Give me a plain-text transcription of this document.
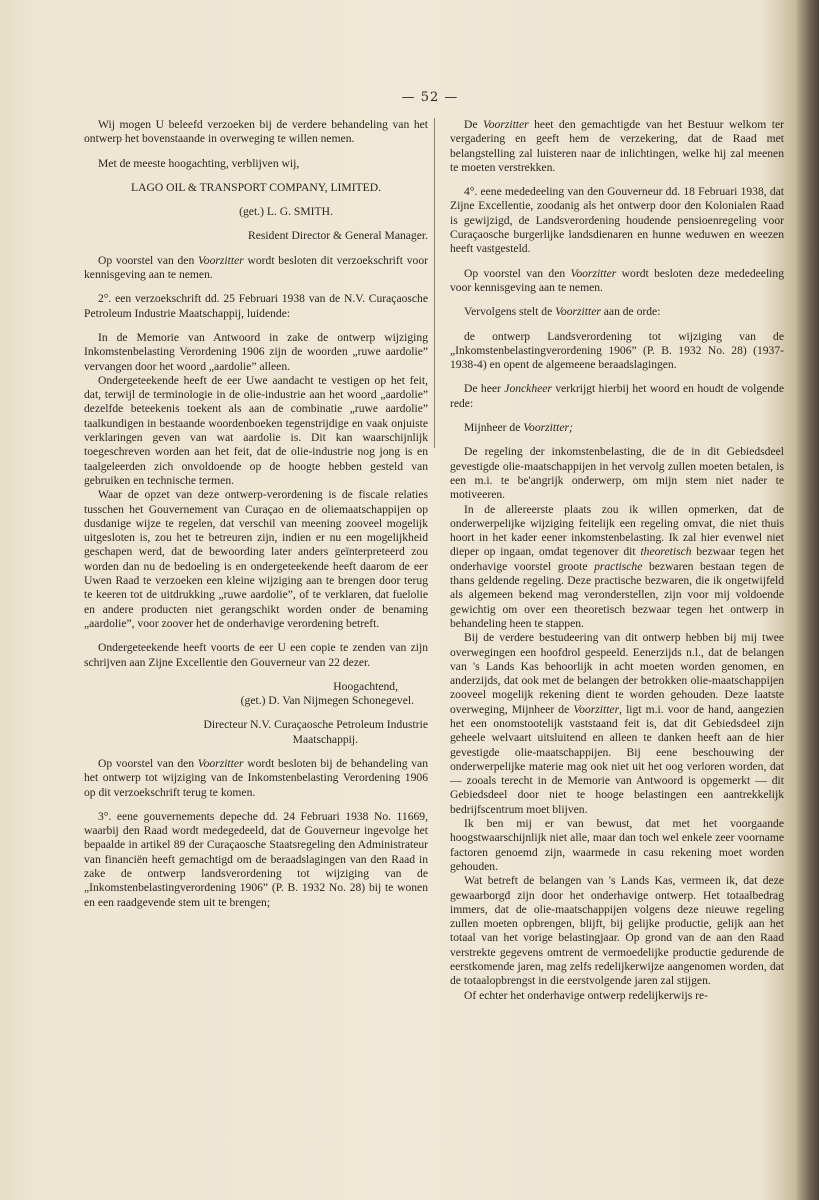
— 52 —

Wij mogen U beleefd verzoeken bij de verdere behandeling van het ontwerp het bovenstaande in overweging te willen nemen.

Met de meeste hoogachting, verblijven wij,

LAGO OIL & TRANSPORT COMPANY, LIMITED.

(get.) L. G. SMITH.

Resident Director & General Manager.

Op voorstel van den Voorzitter wordt besloten dit verzoekschrift voor kennisgeving aan te nemen.

2°. een verzoekschrift dd. 25 Februari 1938 van de N.V. Curaçaosche Petroleum Industrie Maatschappij, luidende:

In de Memorie van Antwoord in zake de ontwerp wijziging Inkomstenbelasting Verordening 1906 zijn de woorden „ruwe aardolie” vervangen door het woord „aardolie” alleen.

Ondergeteekende heeft de eer Uwe aandacht te vestigen op het feit, dat, terwijl de terminologie in de olie-industrie aan het woord „aardolie” dezelfde beteekenis toekent als aan de combinatie „ruwe aardolie” taalkundigen in bestaande woordenboeken tegenstrijdige en vaak onjuiste verklaringen geven van wat aardolie is. Dit kan waarschijnlijk toegeschreven worden aan het feit, dat de olie-industrie nog jong is en taalgeleerden zich onvoldoende op de hoogte hebben gesteld van gebruiken en technische termen.

Waar de opzet van deze ontwerp-verordening is de fiscale relaties tusschen het Gouvernement van Curaçao en de oliemaatschappijen op dusdanige wijze te regelen, dat verschil van meening zooveel mogelijk uitgesloten is, zou het te betreuren zijn, indien er nu een mogelijkheid geschapen werd, dat de bewoording later anders geïnterpreteerd zou worden dan nu de bedoeling is en ondergeteekende heeft daarom de eer Uwen Raad te verzoeken een kleine wijziging aan te brengen door terug te keeren tot de uitdrukking „ruwe aardolie”, of te verklaren, dat fuelolie en andere producten niet gerangschikt worden onder de benaming „aardolie”, voor zoover het de onderhavige verordening betreft.

Ondergeteekende heeft voorts de eer U een copie te zenden van zijn schrijven aan Zijne Excellentie den Gouverneur van 22 dezer.

Hoogachtend,

(get.) D. Van Nijmegen Schonegevel.

Directeur N.V. Curaçaosche Petroleum Industrie

Maatschappij.

Op voorstel van den Voorzitter wordt besloten bij de behandeling van het ontwerp tot wijziging van de Inkomstenbelasting Verordening 1906 op dit verzoekschrift terug te komen.

3°. eene gouvernements depeche dd. 24 Februari 1938 No. 11669, waarbij den Raad wordt medegedeeld, dat de Gouverneur ingevolge het bepaalde in artikel 89 der Curaçaosche Staatsregeling den Administrateur van financiën heeft gemachtigd om de beraadslagingen van den Raad in zake de ontwerp landsverordening tot wijziging van de „Inkomstenbelastingverordening 1906” (P. B. 1932 No. 28) bij te wonen en een raadgevende stem uit te brengen;

De Voorzitter heet den gemachtigde van het Bestuur welkom ter vergadering en geeft hem de verzekering, dat de Raad met belangstelling zal luisteren naar de inlichtingen, welke hij zal meenen te moeten verstrekken.

4°. eene mededeeling van den Gouverneur dd. 18 Februari 1938, dat Zijne Excellentie, zoodanig als het ontwerp door den Kolonialen Raad is gewijzigd, de Landsverordening houdende pensioenregeling voor Curaçaosche burgerlijke landsdienaren en hunne weduwen en weezen heeft vastgesteld.

Op voorstel van den Voorzitter wordt besloten deze mededeeling voor kennisgeving aan te nemen.

Vervolgens stelt de Voorzitter aan de orde:

de ontwerp Landsverordening tot wijziging van de „Inkomstenbelastingverordening 1906” (P. B. 1932 No. 28) (1937-1938-4) en opent de algemeene beraadslagingen.

De heer Jonckheer verkrijgt hierbij het woord en houdt de volgende rede:

Mijnheer de Voorzitter;

De regeling der inkomstenbelasting, die de in dit Gebiedsdeel gevestigde olie-maatschappijen in het vervolg zullen moeten betalen, is een m.i. te be'angrijk onderwerp, om mijn stem niet nader te motiveeren.

In de allereerste plaats zou ik willen opmerken, dat de onderwerpelijke wijziging feitelijk een regeling omvat, die niet thuis hoort in het kader eener inkomstenbelasting. Ik zal hier evenwel niet dieper op ingaan, omdat tegenover dit theoretisch bezwaar tegen het onderhavige voorstel groote practische bezwaren bestaan tegen de thans geldende regeling. Deze practische bezwaren, die ik ongetwijfeld als algemeen bekend mag veronderstellen, zijn voor mij voldoende gewichtig om over een theoretisch bezwaar tegen het ontwerp in behandeling heen te stappen.

Bij de verdere bestudeering van dit ontwerp hebben bij mij twee overwegingen een hoofdrol gespeeld. Eenerzijds n.l., dat de belangen van 's Lands Kas behoorlijk in acht moeten worden genomen, en anderzijds, dat ook met de belangen der betrokken olie-maatschappijen zooveel mogelijk rekening dient te worden gehouden. Deze laatste overweging, Mijnheer de Voorzitter, ligt m.i. voor de hand, aangezien het een onomstootelijk vaststaand feit is, dat dit Gebiedsdeel zijn geheele welvaart uitsluitend en alleen te danken heeft aan de hier gevestigde olie-maatschappijen. Bij eene beschouwing der onderwerpelijke materie mag ook niet uit het oog verloren worden, dat — zooals terecht in de Memorie van Antwoord is opgemerkt — dit Gebiedsdeel door niet te hooge belastingen een aantrekkelijk bedrijfscentrum moet blijven.

Ik ben mij er van bewust, dat met het voorgaande hoogstwaarschijnlijk niet alle, maar dan toch wel enkele zeer voorname factoren genoemd zijn, waarmede in casu rekening moet worden gehouden.

Wat betreft de belangen van 's Lands Kas, vermeen ik, dat deze gewaarborgd zijn door het onderhavige ontwerp. Het totaalbedrag immers, dat de olie-maatschappijen volgens deze nieuwe regeling zullen moeten opbrengen, blijft, bij gelijke productie, gelijk aan het totaal van het vorige belastingjaar. Op grond van de aan den Raad verstrekte gegevens omtrent de vermoedelijke productie gedurende de eerstkomende jaren, mag zelfs redelijkerwijze aangenomen worden, dat de totaalopbrengst in die eerstvolgende jaren zal stijgen.

Of echter het onderhavige ontwerp redelijkerwijs re-
